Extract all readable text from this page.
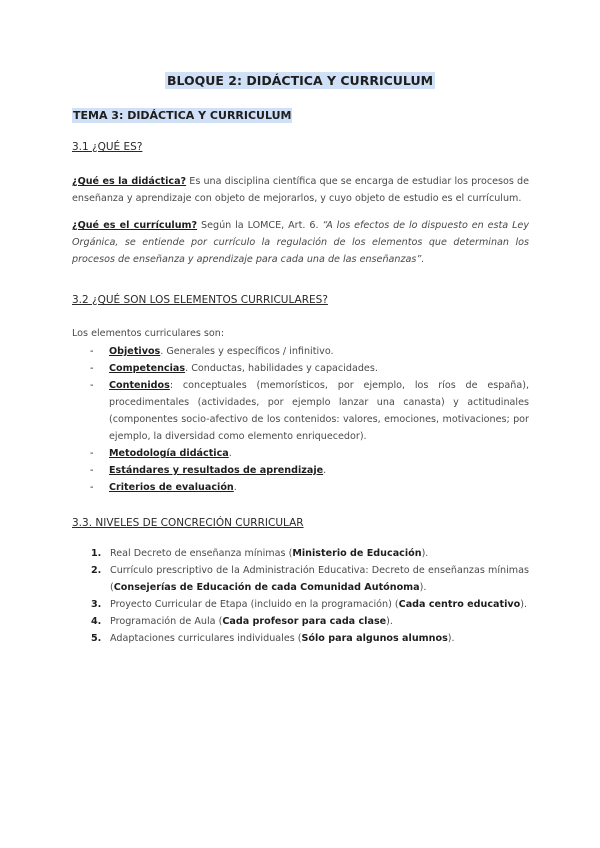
BLOQUE 2: DIDÁCTICA Y CURRICULUM
TEMA 3: DIDÁCTICA Y CURRICULUM
3.1 ¿QUÉ ES?
¿Qué es la didáctica? Es una disciplina científica que se encarga de estudiar los procesos de enseñanza y aprendizaje con objeto de mejorarlos, y cuyo objeto de estudio es el currículum.
¿Qué es el currículum? Según la LOMCE, Art. 6. “A los efectos de lo dispuesto en esta Ley Orgánica, se entiende por currículo la regulación de los elementos que determinan los procesos de enseñanza y aprendizaje para cada una de las enseñanzas”.
3.2 ¿QUÉ SON LOS ELEMENTOS CURRICULARES?
Los elementos curriculares son:
- Objetivos. Generales y específicos / infinitivo.
- Competencias. Conductas, habilidades y capacidades.
- Contenidos: conceptuales (memorísticos, por ejemplo, los ríos de españa), procedimentales (actividades, por ejemplo lanzar una canasta) y actitudinales (componentes socio-afectivo de los contenidos: valores, emociones, motivaciones; por ejemplo, la diversidad como elemento enriquecedor).
- Metodología didáctica.
- Estándares y resultados de aprendizaje.
- Criterios de evaluación.
3.3. NIVELES DE CONCRECIÓN CURRICULAR
1. Real Decreto de enseñanza mínimas (Ministerio de Educación).
2. Currículo prescriptivo de la Administración Educativa: Decreto de enseñanzas mínimas (Consejerías de Educación de cada Comunidad Autónoma).
3. Proyecto Curricular de Etapa (incluido en la programación) (Cada centro educativo).
4. Programación de Aula (Cada profesor para cada clase).
5. Adaptaciones curriculares individuales (Sólo para algunos alumnos).
